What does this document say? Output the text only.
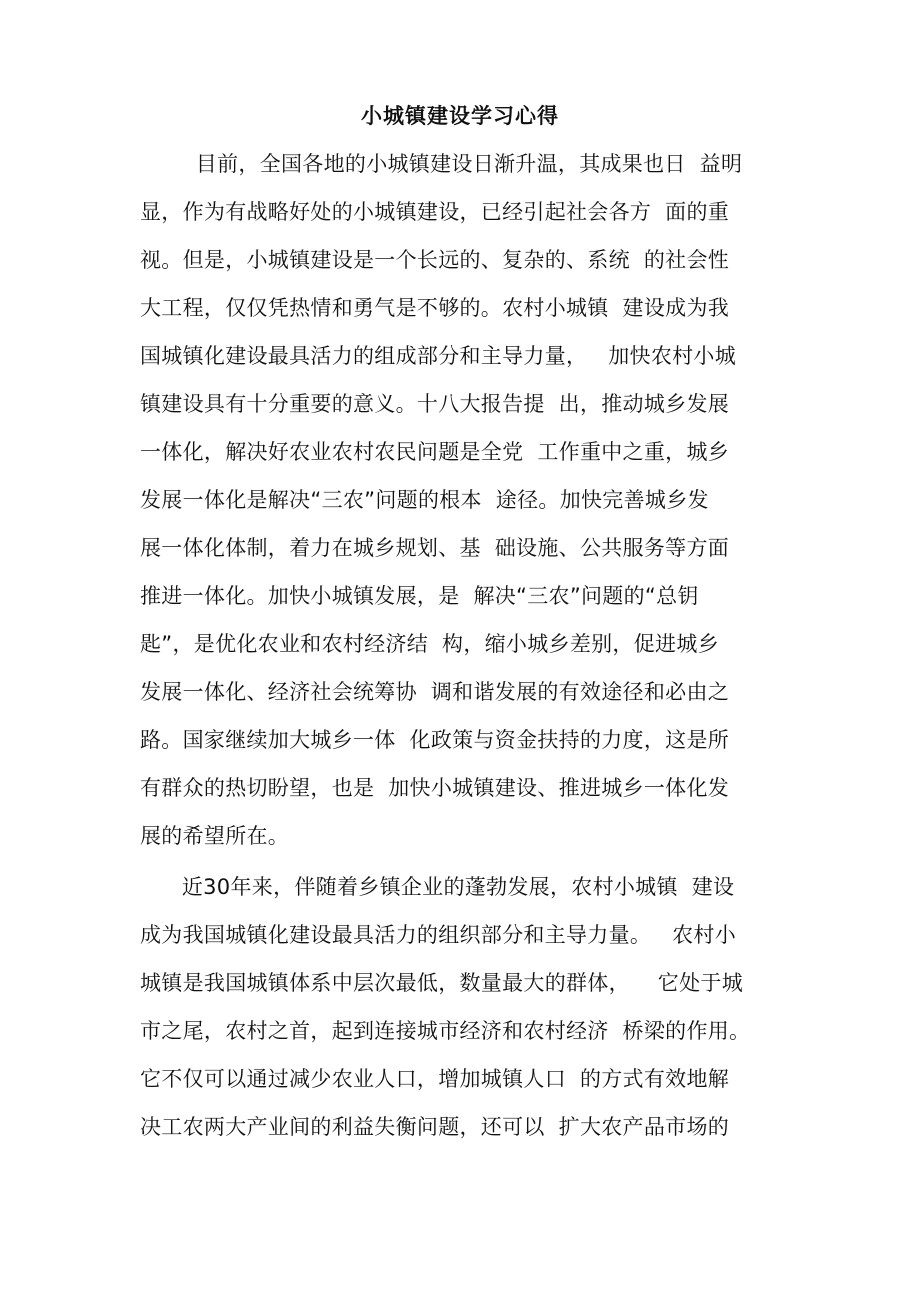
小城镇建设学习心得
目前，全国各地的小城镇建设日渐升温，其成果也日  益明
显，作为有战略好处的小城镇建设，已经引起社会各方  面的重
视。但是，小城镇建设是一个长远的、复杂的、系统  的社会性
大工程，仅仅凭热情和勇气是不够的。农村小城镇  建设成为我
国城镇化建设最具活力的组成部分和主导力量，   加快农村小城
镇建设具有十分重要的意义。十八大报告提  出，推动城乡发展
一体化，解决好农业农村农民问题是全党  工作重中之重，城乡
发展一体化是解决“三农”问题的根本  途径。加快完善城乡发
展一体化体制，着力在城乡规划、基  础设施、公共服务等方面
推进一体化。加快小城镇发展，是  解决“三农”问题的“总钥
匙”，是优化农业和农村经济结  构，缩小城乡差别，促进城乡
发展一体化、经济社会统筹协  调和谐发展的有效途径和必由之
路。国家继续加大城乡一体  化政策与资金扶持的力度，这是所
有群众的热切盼望，也是  加快小城镇建设、推进城乡一体化发
展的希望所在。
近30年来，伴随着乡镇企业的蓬勃发展，农村小城镇  建设
成为我国城镇化建设最具活力的组织部分和主导力量。   农村小
城镇是我国城镇体系中层次最低，数量最大的群体，    它处于城
市之尾，农村之首，起到连接城市经济和农村经济  桥梁的作用。
它不仅可以通过减少农业人口，增加城镇人口  的方式有效地解
决工农两大产业间的利益失衡问题，还可以  扩大农产品市场的
